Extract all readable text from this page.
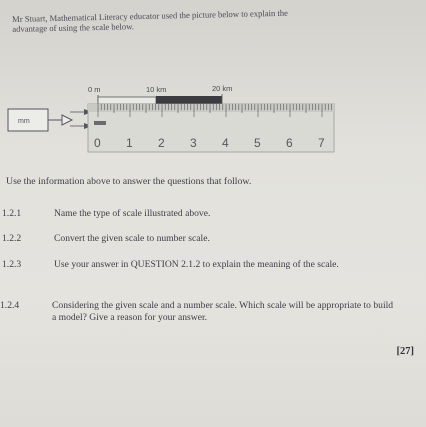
Mr Stuart, Mathematical Literacy educator used the picture below to explain the
advantage of using the scale below.
0 m	10 km	20 km
mm
0 1 2 3 4 5 6 7
Use the information above to answer the questions that follow.
1.2.1	Name the type of scale illustrated above.
1.2.2	Convert the given scale to number scale.
1.2.3	Use your answer in QUESTION 2.1.2 to explain the meaning of the scale.
1.2.4	Considering the given scale and a number scale. Which scale will be appropriate to build a model? Give a reason for your answer.
[27]
